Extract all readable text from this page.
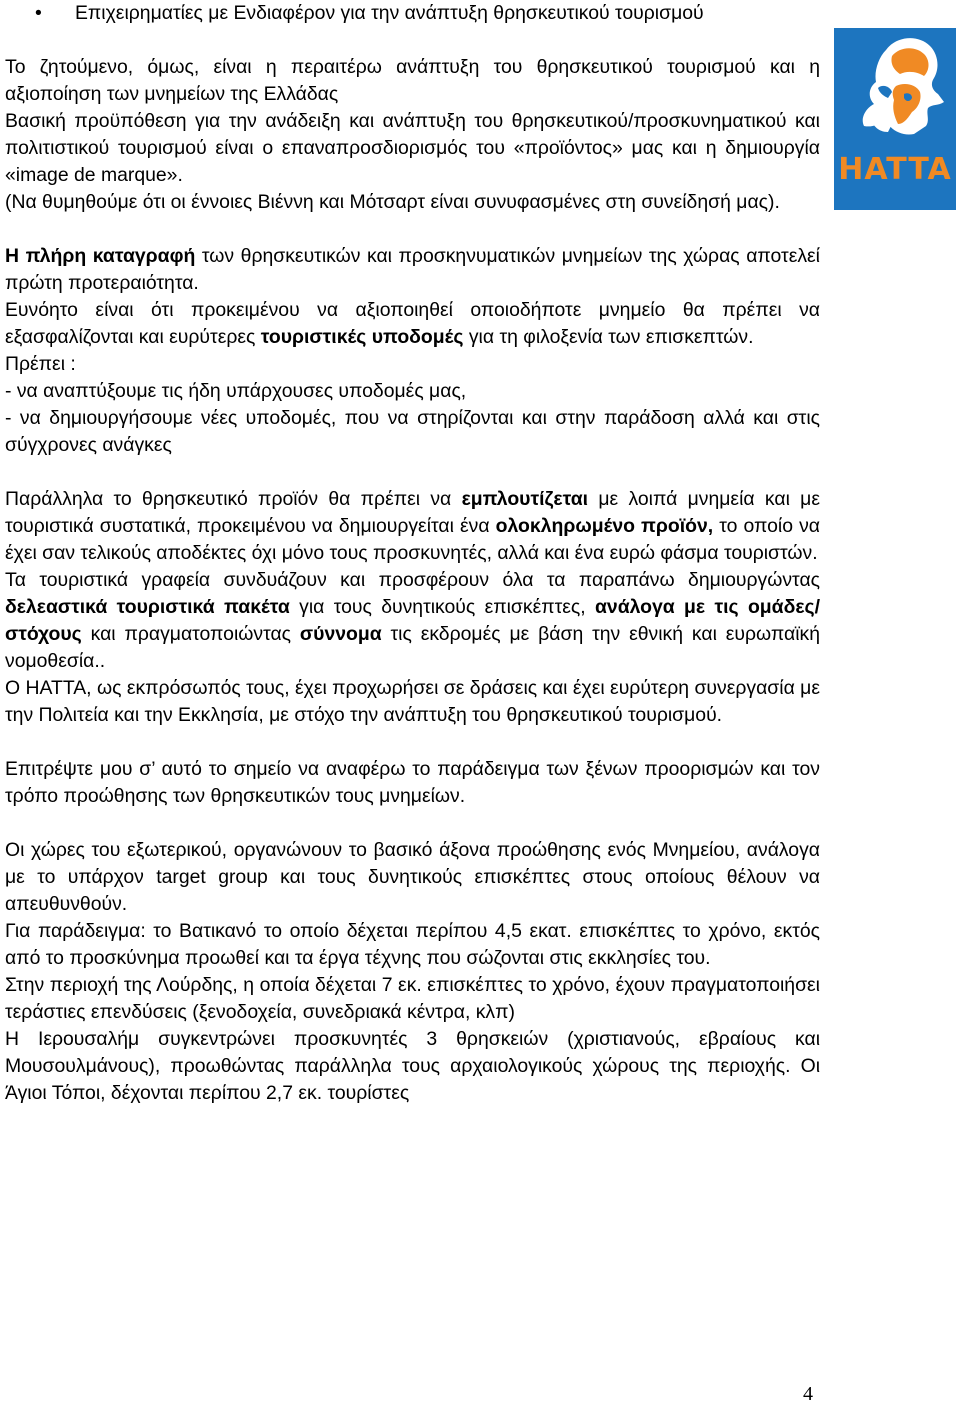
HATTA
•	Επιχειρηματίες με Ενδιαφέρον για την ανάπτυξη θρησκευτικού τουρισμού

Το ζητούμενο, όμως, είναι η περαιτέρω ανάπτυξη του θρησκευτικού τουρισμού και η αξιοποίηση των μνημείων της Ελλάδας

Βασική προϋπόθεση για την ανάδειξη και ανάπτυξη του θρησκευτικού/προσκυνηματικού και πολιτιστικού τουρισμού είναι ο επαναπροσδιορισμός του «προϊόντος» μας και η δημιουργία «image de marque».

(Να θυμηθούμε ότι οι έννοιες Βιέννη και Μότσαρτ είναι συνυφασμένες στη συνείδησή μας).

Η πλήρη καταγραφή των θρησκευτικών και προσκηνυματικών μνημείων της χώρας αποτελεί πρώτη προτεραιότητα.

Ευνόητο είναι ότι προκειμένου να αξιοποιηθεί οποιοδήποτε μνημείο θα πρέπει να εξασφαλίζονται και ευρύτερες τουριστικές υποδομές για τη φιλοξενία των επισκεπτών.

Πρέπει :

- να αναπτύξουμε τις ήδη υπάρχουσες υποδομές μας,

- να δημιουργήσουμε νέες υποδομές, που να στηρίζονται και στην παράδοση αλλά και στις σύγχρονες ανάγκες

Παράλληλα το θρησκευτικό προϊόν θα πρέπει να εμπλουτίζεται με λοιπά μνημεία και με τουριστικά συστατικά, προκειμένου να δημιουργείται ένα ολοκληρωμένο προϊόν, το οποίο να έχει σαν τελικούς αποδέκτες όχι μόνο τους προσκυνητές, αλλά και ένα ευρώ φάσμα τουριστών.

Τα τουριστικά γραφεία συνδυάζουν και προσφέρουν όλα τα παραπάνω δημιουργώντας δελεαστικά τουριστικά πακέτα για τους δυνητικούς επισκέπτες, ανάλογα με τις ομάδες/στόχους και πραγματοποιώντας σύννομα τις εκδρομές με βάση την εθνική και ευρωπαϊκή νομοθεσία..

Ο ΗΑΤΤΑ, ως εκπρόσωπός τους, έχει προχωρήσει σε δράσεις και έχει ευρύτερη συνεργασία με την Πολιτεία και την Εκκλησία, με στόχο την ανάπτυξη του θρησκευτικού τουρισμού.

Επιτρέψτε μου σ’ αυτό το σημείο να αναφέρω το παράδειγμα των ξένων προορισμών και τον τρόπο προώθησης των θρησκευτικών τους μνημείων.

Οι χώρες του εξωτερικού, οργανώνουν το βασικό άξονα προώθησης ενός Μνημείου, ανάλογα με το υπάρχον target group και τους δυνητικούς επισκέπτες στους οποίους θέλουν να απευθυνθούν.

Για παράδειγμα: το Βατικανό το οποίο δέχεται περίπου 4,5 εκατ. επισκέπτες το χρόνο, εκτός από το προσκύνημα προωθεί και τα έργα τέχνης που σώζονται στις εκκλησίες του.

Στην περιοχή της Λούρδης, η οποία δέχεται 7 εκ. επισκέπτες το χρόνο, έχουν πραγματοποιήσει τεράστιες επενδύσεις (ξενοδοχεία, συνεδριακά κέντρα, κλπ)

Η Ιερουσαλήμ συγκεντρώνει προσκυνητές 3 θρησκειών (χριστιανούς, εβραίους και Μουσουλμάνους), προωθώντας παράλληλα τους αρχαιολογικούς χώρους της περιοχής. Οι Άγιοι Τόποι, δέχονται περίπου 2,7 εκ. τουρίστες

4
